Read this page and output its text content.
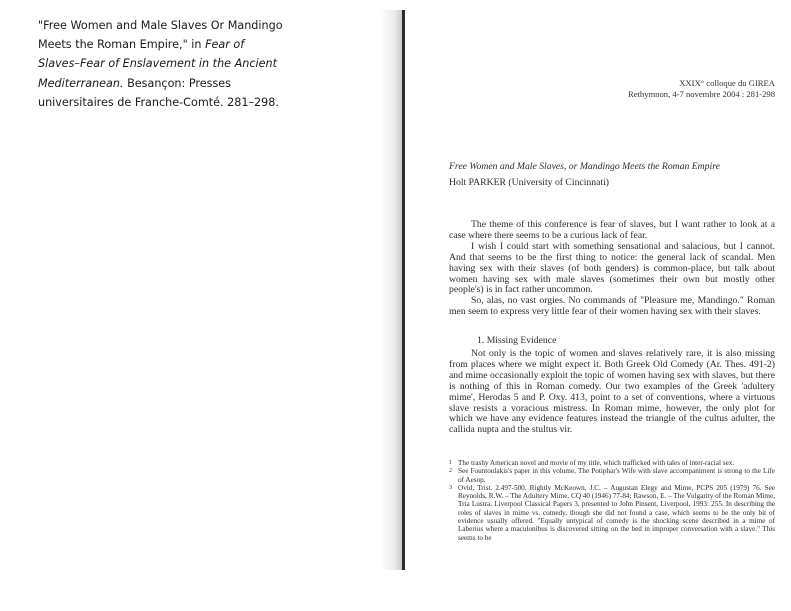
"Free Women and Male Slaves Or Mandingo Meets the Roman Empire," in Fear of Slaves–Fear of Enslavement in the Ancient Mediterranean. Besançon: Presses universitaires de Franche-Comté. 281–298.
XXIX° colloque du GIREA
Rethymnon, 4-7 novembre 2004 : 281-298
Free Women and Male Slaves, or Mandingo Meets the Roman Empire
Holt PARKER (University of Cincinnati)

The theme of this conference is fear of slaves, but I want rather to look at a case where there seems to be a curious lack of fear.

I wish I could start with something sensational and salacious, but I cannot. And that seems to be the first thing to notice: the general lack of scandal. Men having sex with their slaves (of both genders) is common-place, but talk about women having sex with male slaves (sometimes their own but mostly other people's) is in fact rather uncommon.

So, alas, no vast orgies. No commands of "Pleasure me, Mandingo." Roman men seem to express very little fear of their women having sex with their slaves.

1. Missing Evidence

Not only is the topic of women and slaves relatively rare, it is also missing from places where we might expect it. Both Greek Old Comedy (Ar. Thes. 491-2) and mime occasionally exploit the topic of women having sex with slaves, but there is nothing of this in Roman comedy. Our two examples of the Greek 'adultery mime', Herodas 5 and P. Oxy. 413, point to a set of conventions, where a virtuous slave resists a voracious mistress. In Roman mime, however, the only plot for which we have any evidence features instead the triangle of the cultus adulter, the callida nupta and the stultus vir.

1 The trashy American novel and movie of my title, which trafficked with tales of inter-racial sex.
2 See Fountoulakis's paper in this volume, The Potiphar's Wife with slave accompaniment is strong to the Life of Aesop.
3 Ovid, Trist. 2.497-500. Rightly McKeown, J.C. – Augustan Elegy and Mime, PCPS 205 (1979) 76. See Reynolds, R.W. – The Adultery Mime, CQ 40 (1946) 77-84; Rawson, E. – The Vulgarity of the Roman Mime, Tria Lustra, Liverpool Classical Papers 3, presented to John Pinsent, Liverpool, 1993: 255. In describing the roles of slaves in mime vs. comedy, though she did not found a case, which seems to be the only bit of evidence usually offered. "Equally untypical of comedy is the shocking scene described in a mime of Laberius where a maculonibus is discovered sitting on the bed in improper conversation with a slave." This seems to be
